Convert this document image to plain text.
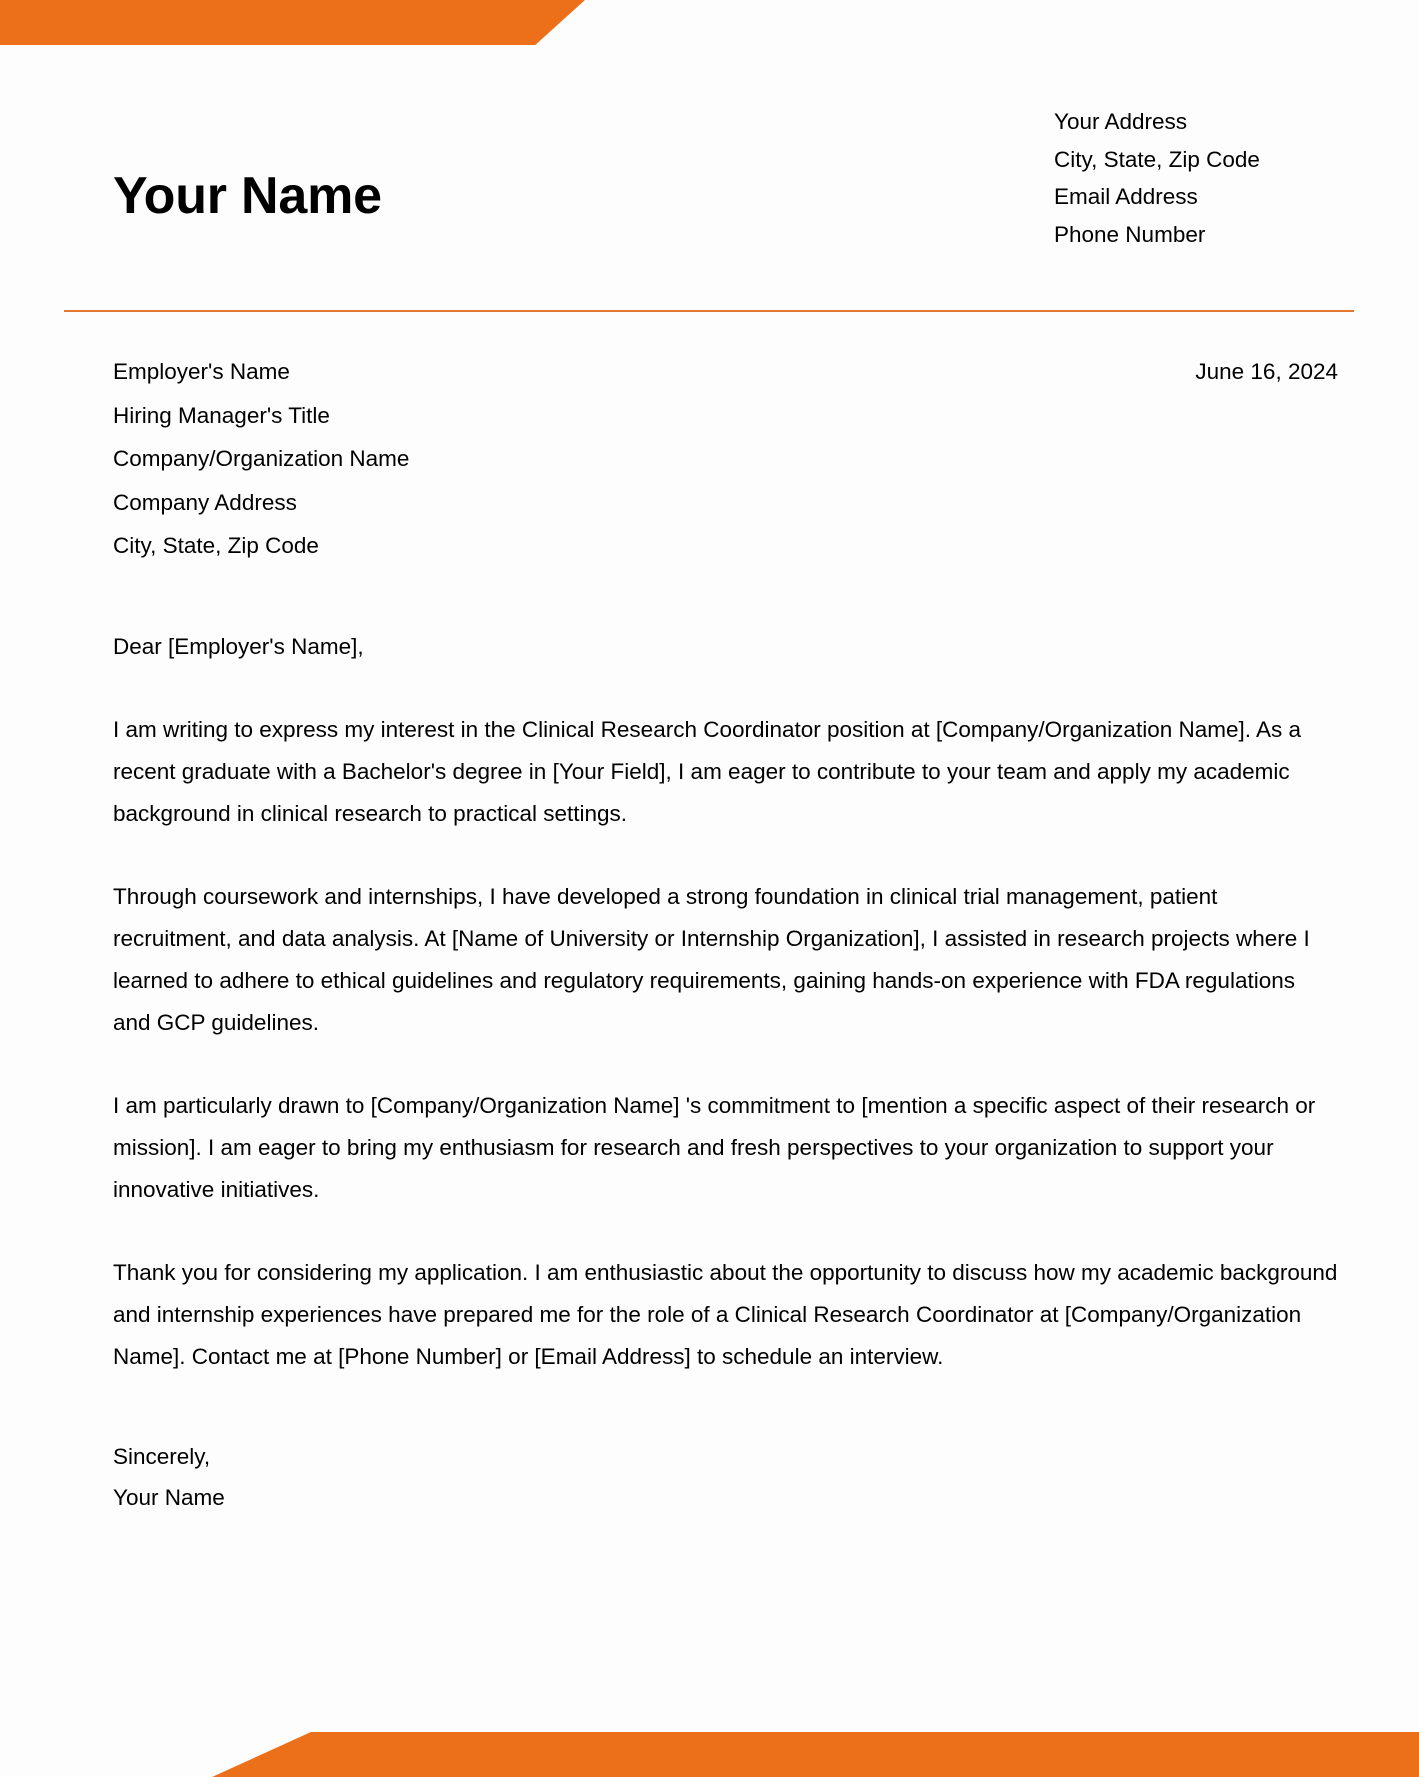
Your Name
Your Address
City, State, Zip Code
Email Address
Phone Number
Employer's Name
Hiring Manager's Title
Company/Organization Name
Company Address
City, State, Zip Code
June 16, 2024
Dear [Employer's Name],

I am writing to express my interest in the Clinical Research Coordinator position at [Company/Organization Name]. As a recent graduate with a Bachelor's degree in [Your Field], I am eager to contribute to your team and apply my academic background in clinical research to practical settings.

Through coursework and internships, I have developed a strong foundation in clinical trial management, patient recruitment, and data analysis. At [Name of University or Internship Organization], I assisted in research projects where I learned to adhere to ethical guidelines and regulatory requirements, gaining hands-on experience with FDA regulations and GCP guidelines.

I am particularly drawn to [Company/Organization Name] 's commitment to [mention a specific aspect of their research or mission]. I am eager to bring my enthusiasm for research and fresh perspectives to your organization to support your innovative initiatives.

Thank you for considering my application. I am enthusiastic about the opportunity to discuss how my academic background and internship experiences have prepared me for the role of a Clinical Research Coordinator at [Company/Organization Name]. Contact me at [Phone Number] or [Email Address] to schedule an interview.

Sincerely,
Your Name
